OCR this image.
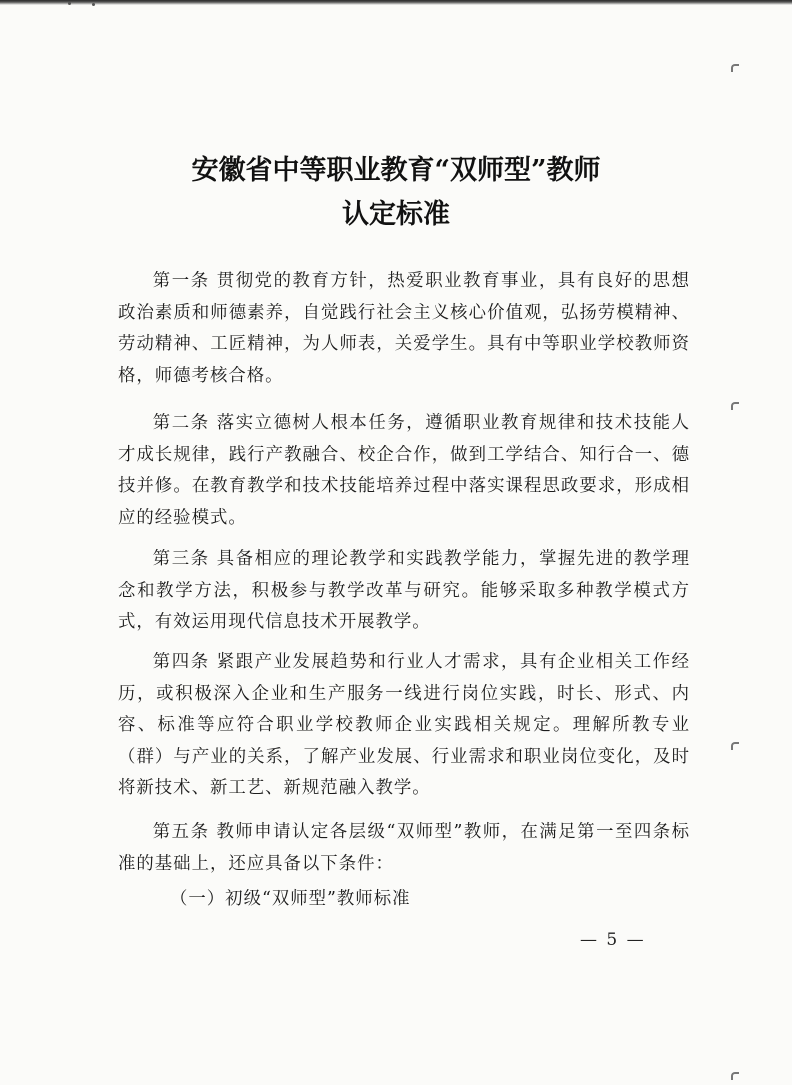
安徽省中等职业教育“双师型”教师
认定标准

第一条 贯彻党的教育方针，热爱职业教育事业，具有良好的思想政治素质和师德素养，自觉践行社会主义核心价值观，弘扬劳模精神、劳动精神、工匠精神，为人师表，关爱学生。具有中等职业学校教师资格，师德考核合格。

第二条 落实立德树人根本任务，遵循职业教育规律和技术技能人才成长规律，践行产教融合、校企合作，做到工学结合、知行合一、德技并修。在教育教学和技术技能培养过程中落实课程思政要求，形成相应的经验模式。

第三条 具备相应的理论教学和实践教学能力，掌握先进的教学理念和教学方法，积极参与教学改革与研究。能够采取多种教学模式方式，有效运用现代信息技术开展教学。

第四条 紧跟产业发展趋势和行业人才需求，具有企业相关工作经历，或积极深入企业和生产服务一线进行岗位实践，时长、形式、内容、标准等应符合职业学校教师企业实践相关规定。理解所教专业（群）与产业的关系，了解产业发展、行业需求和职业岗位变化，及时将新技术、新工艺、新规范融入教学。

第五条 教师申请认定各层级“双师型”教师，在满足第一至四条标准的基础上，还应具备以下条件：

（一）初级“双师型”教师标准

— 5 —
